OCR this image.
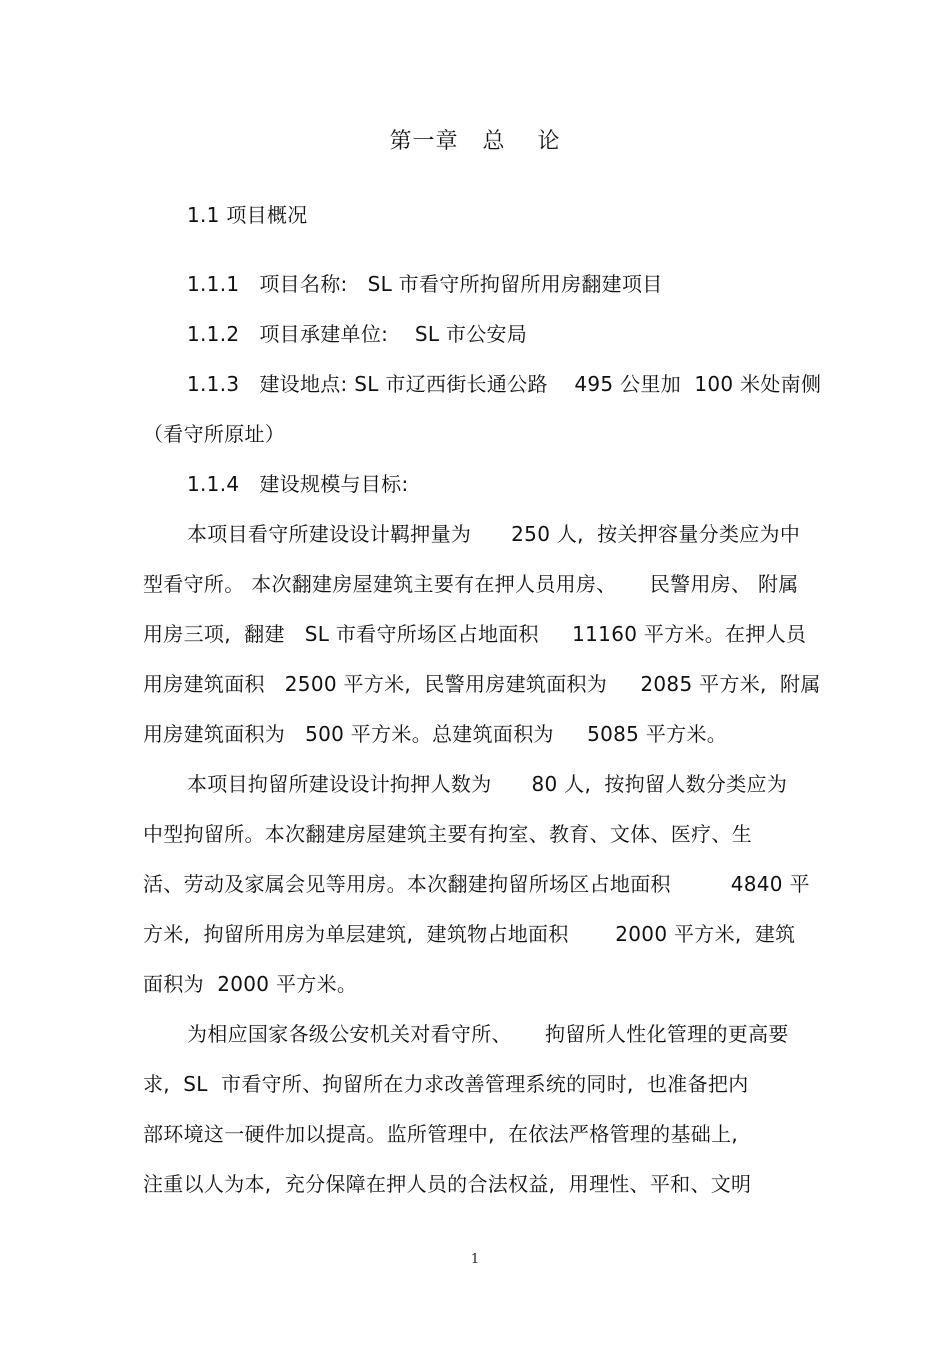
第一章   总    论
1.1 项目概况
1.1.1   项目名称:   SL 市看守所拘留所用房翻建项目
1.1.2   项目承建单位:    SL 市公安局
1.1.3   建设地点: SL 市辽西街长通公路    495 公里加  100 米处南侧
（看守所原址）
1.1.4   建设规模与目标:
本项目看守所建设设计羁押量为      250 人,  按关押容量分类应为中
型看守所。 本次翻建房屋建筑主要有在押人员用房、     民警用房、 附属
用房三项,  翻建   SL 市看守所场区占地面积     11160 平方米。在押人员
用房建筑面积   2500 平方米,  民警用房建筑面积为     2085 平方米,  附属
用房建筑面积为   500 平方米。总建筑面积为     5085 平方米。
本项目拘留所建设设计拘押人数为      80 人,  按拘留人数分类应为
中型拘留所。本次翻建房屋建筑主要有拘室、教育、文体、医疗、生
活、劳动及家属会见等用房。本次翻建拘留所场区占地面积         4840 平
方米,  拘留所用房为单层建筑,  建筑物占地面积       2000 平方米,  建筑
面积为  2000 平方米。
为相应国家各级公安机关对看守所、     拘留所人性化管理的更高要
求,  SL  市看守所、拘留所在力求改善管理系统的同时,  也准备把内
部环境这一硬件加以提高。监所管理中,  在依法严格管理的基础上,
注重以人为本,  充分保障在押人员的合法权益,  用理性、平和、文明
1
